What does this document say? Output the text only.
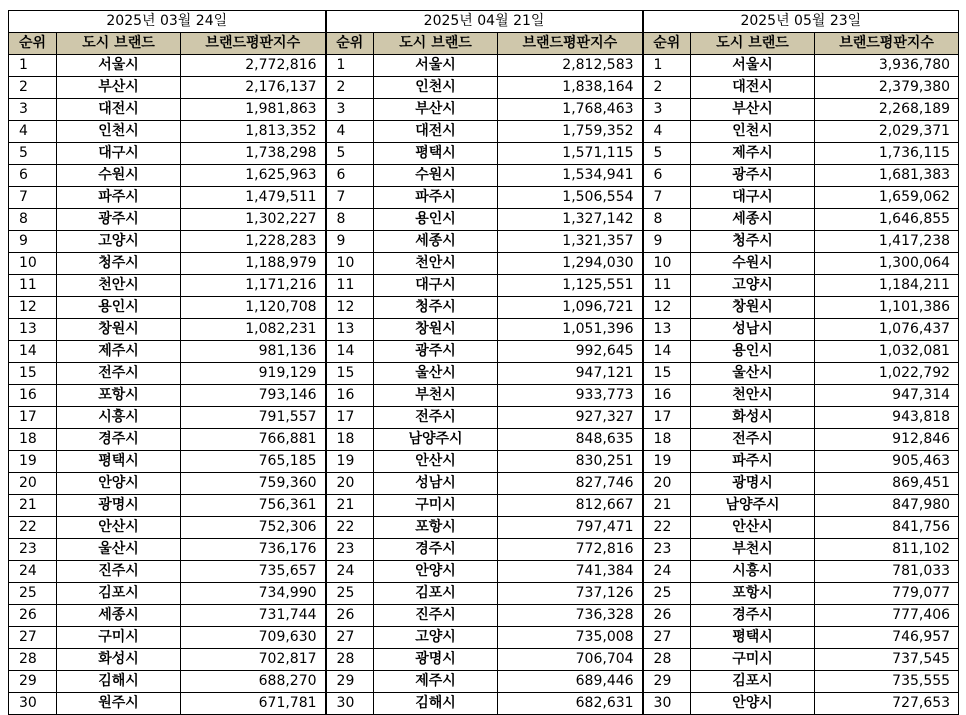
2025년 03월 24일			2025년 04월 21일			2025년 05월 23일		
순위	도시 브랜드	브랜드평판지수	순위	도시 브랜드	브랜드평판지수	순위	도시 브랜드	브랜드평판지수
1	서울시	2,772,816	1	서울시	2,812,583	1	서울시	3,936,780
2	부산시	2,176,137	2	인천시	1,838,164	2	대전시	2,379,380
3	대전시	1,981,863	3	부산시	1,768,463	3	부산시	2,268,189
4	인천시	1,813,352	4	대전시	1,759,352	4	인천시	2,029,371
5	대구시	1,738,298	5	평택시	1,571,115	5	제주시	1,736,115
6	수원시	1,625,963	6	수원시	1,534,941	6	광주시	1,681,383
7	파주시	1,479,511	7	파주시	1,506,554	7	대구시	1,659,062
8	광주시	1,302,227	8	용인시	1,327,142	8	세종시	1,646,855
9	고양시	1,228,283	9	세종시	1,321,357	9	청주시	1,417,238
10	청주시	1,188,979	10	천안시	1,294,030	10	수원시	1,300,064
11	천안시	1,171,216	11	대구시	1,125,551	11	고양시	1,184,211
12	용인시	1,120,708	12	청주시	1,096,721	12	창원시	1,101,386
13	창원시	1,082,231	13	창원시	1,051,396	13	성남시	1,076,437
14	제주시	981,136	14	광주시	992,645	14	용인시	1,032,081
15	전주시	919,129	15	울산시	947,121	15	울산시	1,022,792
16	포항시	793,146	16	부천시	933,773	16	천안시	947,314
17	시흥시	791,557	17	전주시	927,327	17	화성시	943,818
18	경주시	766,881	18	남양주시	848,635	18	전주시	912,846
19	평택시	765,185	19	안산시	830,251	19	파주시	905,463
20	안양시	759,360	20	성남시	827,746	20	광명시	869,451
21	광명시	756,361	21	구미시	812,667	21	남양주시	847,980
22	안산시	752,306	22	포항시	797,471	22	안산시	841,756
23	울산시	736,176	23	경주시	772,816	23	부천시	811,102
24	진주시	735,657	24	안양시	741,384	24	시흥시	781,033
25	김포시	734,990	25	김포시	737,126	25	포항시	779,077
26	세종시	731,744	26	진주시	736,328	26	경주시	777,406
27	구미시	709,630	27	고양시	735,008	27	평택시	746,957
28	화성시	702,817	28	광명시	706,704	28	구미시	737,545
29	김해시	688,270	29	제주시	689,446	29	김포시	735,555
30	원주시	671,781	30	김해시	682,631	30	안양시	727,653
